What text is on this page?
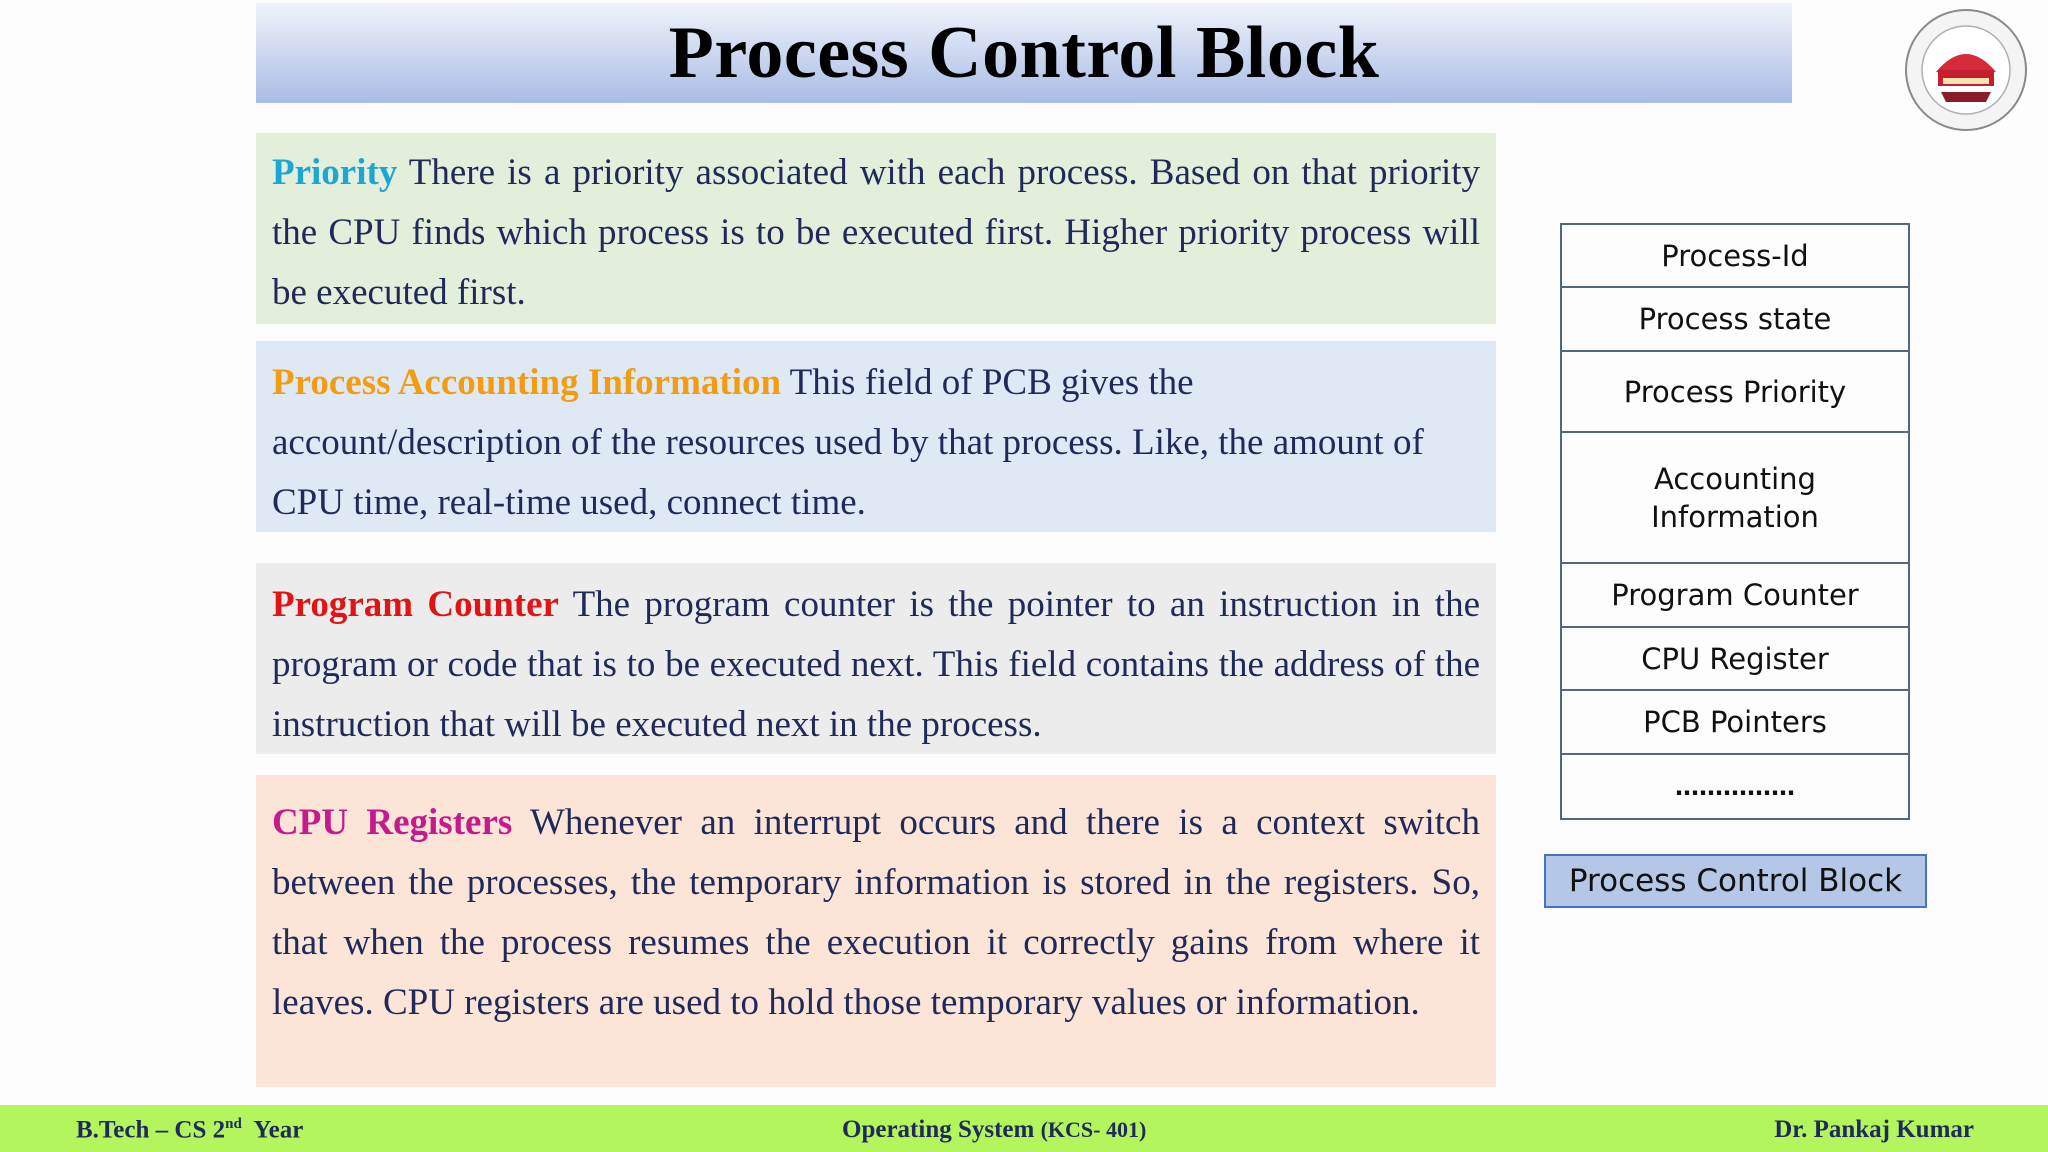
Process Control Block
Priority There is a priority associated with each process. Based on that priority the CPU finds which process is to be executed first. Higher priority process will be executed first.
Process Accounting Information This field of PCB gives the account/description of the resources used by that process. Like, the amount of CPU time, real-time used, connect time.
Program Counter The program counter is the pointer to an instruction in the program or code that is to be executed next. This field contains the address of the instruction that will be executed next in the process.
CPU Registers Whenever an interrupt occurs and there is a context switch between the processes, the temporary information is stored in the registers. So, that when the process resumes the execution it correctly gains from where it leaves. CPU registers are used to hold those temporary values or information.
Process-Id
Process state
Process Priority
Accounting Information
Program Counter
CPU Register
PCB Pointers
……………
Process Control Block
B.Tech – CS 2nd  Year	Operating System (KCS- 401)	Dr. Pankaj Kumar
